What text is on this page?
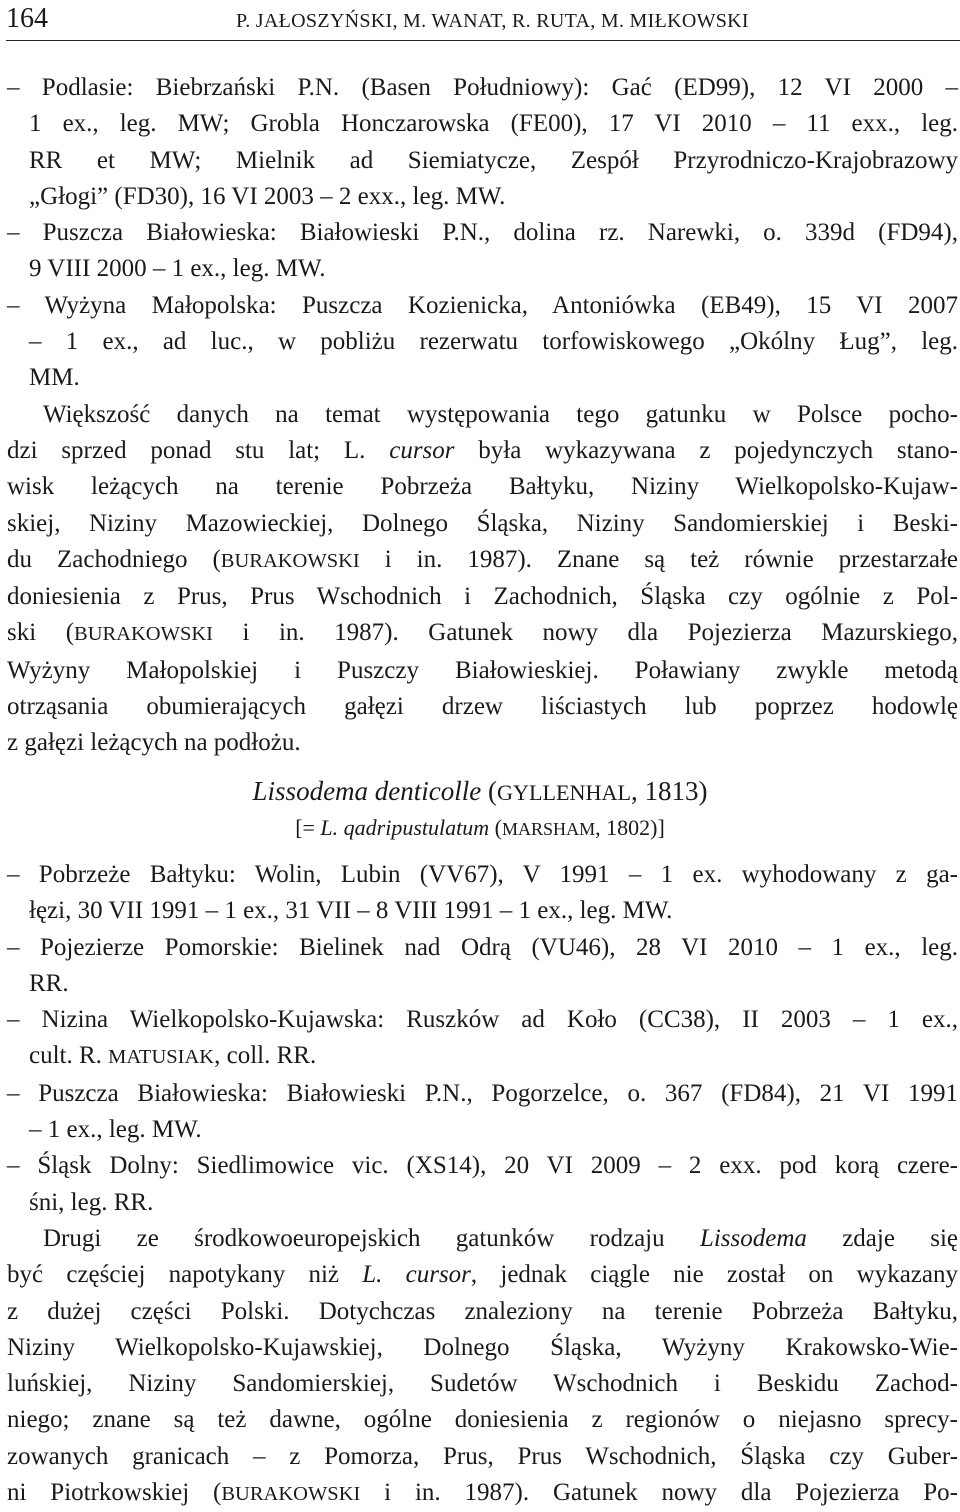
164	P. JAŁOSZYŃSKI, M. WANAT, R. RUTA, M. MIŁKOWSKI
– Podlasie: Biebrzański P.N. (Basen Południowy): Gać (ED99), 12 VI 2000 –
1 ex., leg. MW; Grobla Honczarowska (FE00), 17 VI 2010 – 11 exx., leg.
RR et MW; Mielnik ad Siemiatycze, Zespół Przyrodniczo-Krajobrazowy
„Głogi” (FD30), 16 VI 2003 – 2 exx., leg. MW.
– Puszcza Białowieska: Białowieski P.N., dolina rz. Narewki, o. 339d (FD94),
9 VIII 2000 – 1 ex., leg. MW.
– Wyżyna Małopolska: Puszcza Kozienicka, Antoniówka (EB49), 15 VI 2007
– 1 ex., ad luc., w pobliżu rezerwatu torfowiskowego „Okólny Ług”, leg.
MM.
Większość danych na temat występowania tego gatunku w Polsce pocho-
dzi sprzed ponad stu lat; L. cursor była wykazywana z pojedynczych stano-
wisk leżących na terenie Pobrzeża Bałtyku, Niziny Wielkopolsko-Kujaw-
skiej, Niziny Mazowieckiej, Dolnego Śląska, Niziny Sandomierskiej i Beski-
du Zachodniego (BURAKOWSKI i in. 1987). Znane są też równie przestarzałe
doniesienia z Prus, Prus Wschodnich i Zachodnich, Śląska czy ogólnie z Pol-
ski (BURAKOWSKI i in. 1987). Gatunek nowy dla Pojezierza Mazurskiego,
Wyżyny Małopolskiej i Puszczy Białowieskiej. Poławiany zwykle metodą
otrząsania obumierających gałęzi drzew liściastych lub poprzez hodowlę
z gałęzi leżących na podłożu.
Lissodema denticolle (GYLLENHAL, 1813)
[= L. qadripustulatum (MARSHAM, 1802)]
– Pobrzeże Bałtyku: Wolin, Lubin (VV67), V 1991 – 1 ex. wyhodowany z ga-
łęzi, 30 VII 1991 – 1 ex., 31 VII – 8 VIII 1991 – 1 ex., leg. MW.
– Pojezierze Pomorskie: Bielinek nad Odrą (VU46), 28 VI 2010 – 1 ex., leg.
RR.
– Nizina Wielkopolsko-Kujawska: Ruszków ad Koło (CC38), II 2003 – 1 ex.,
cult. R. MATUSIAK, coll. RR.
– Puszcza Białowieska: Białowieski P.N., Pogorzelce, o. 367 (FD84), 21 VI 1991
– 1 ex., leg. MW.
– Śląsk Dolny: Siedlimowice vic. (XS14), 20 VI 2009 – 2 exx. pod korą czere-
śni, leg. RR.
Drugi ze środkowoeuropejskich gatunków rodzaju Lissodema zdaje się
być częściej napotykany niż L. cursor, jednak ciągle nie został on wykazany
z dużej części Polski. Dotychczas znaleziony na terenie Pobrzeża Bałtyku,
Niziny Wielkopolsko-Kujawskiej, Dolnego Śląska, Wyżyny Krakowsko-Wie-
luńskiej, Niziny Sandomierskiej, Sudetów Wschodnich i Beskidu Zachod-
niego; znane są też dawne, ogólne doniesienia z regionów o niejasno sprecy-
zowanych granicach – z Pomorza, Prus, Prus Wschodnich, Śląska czy Guber-
ni Piotrkowskiej (BURAKOWSKI i in. 1987). Gatunek nowy dla Pojezierza Po-
